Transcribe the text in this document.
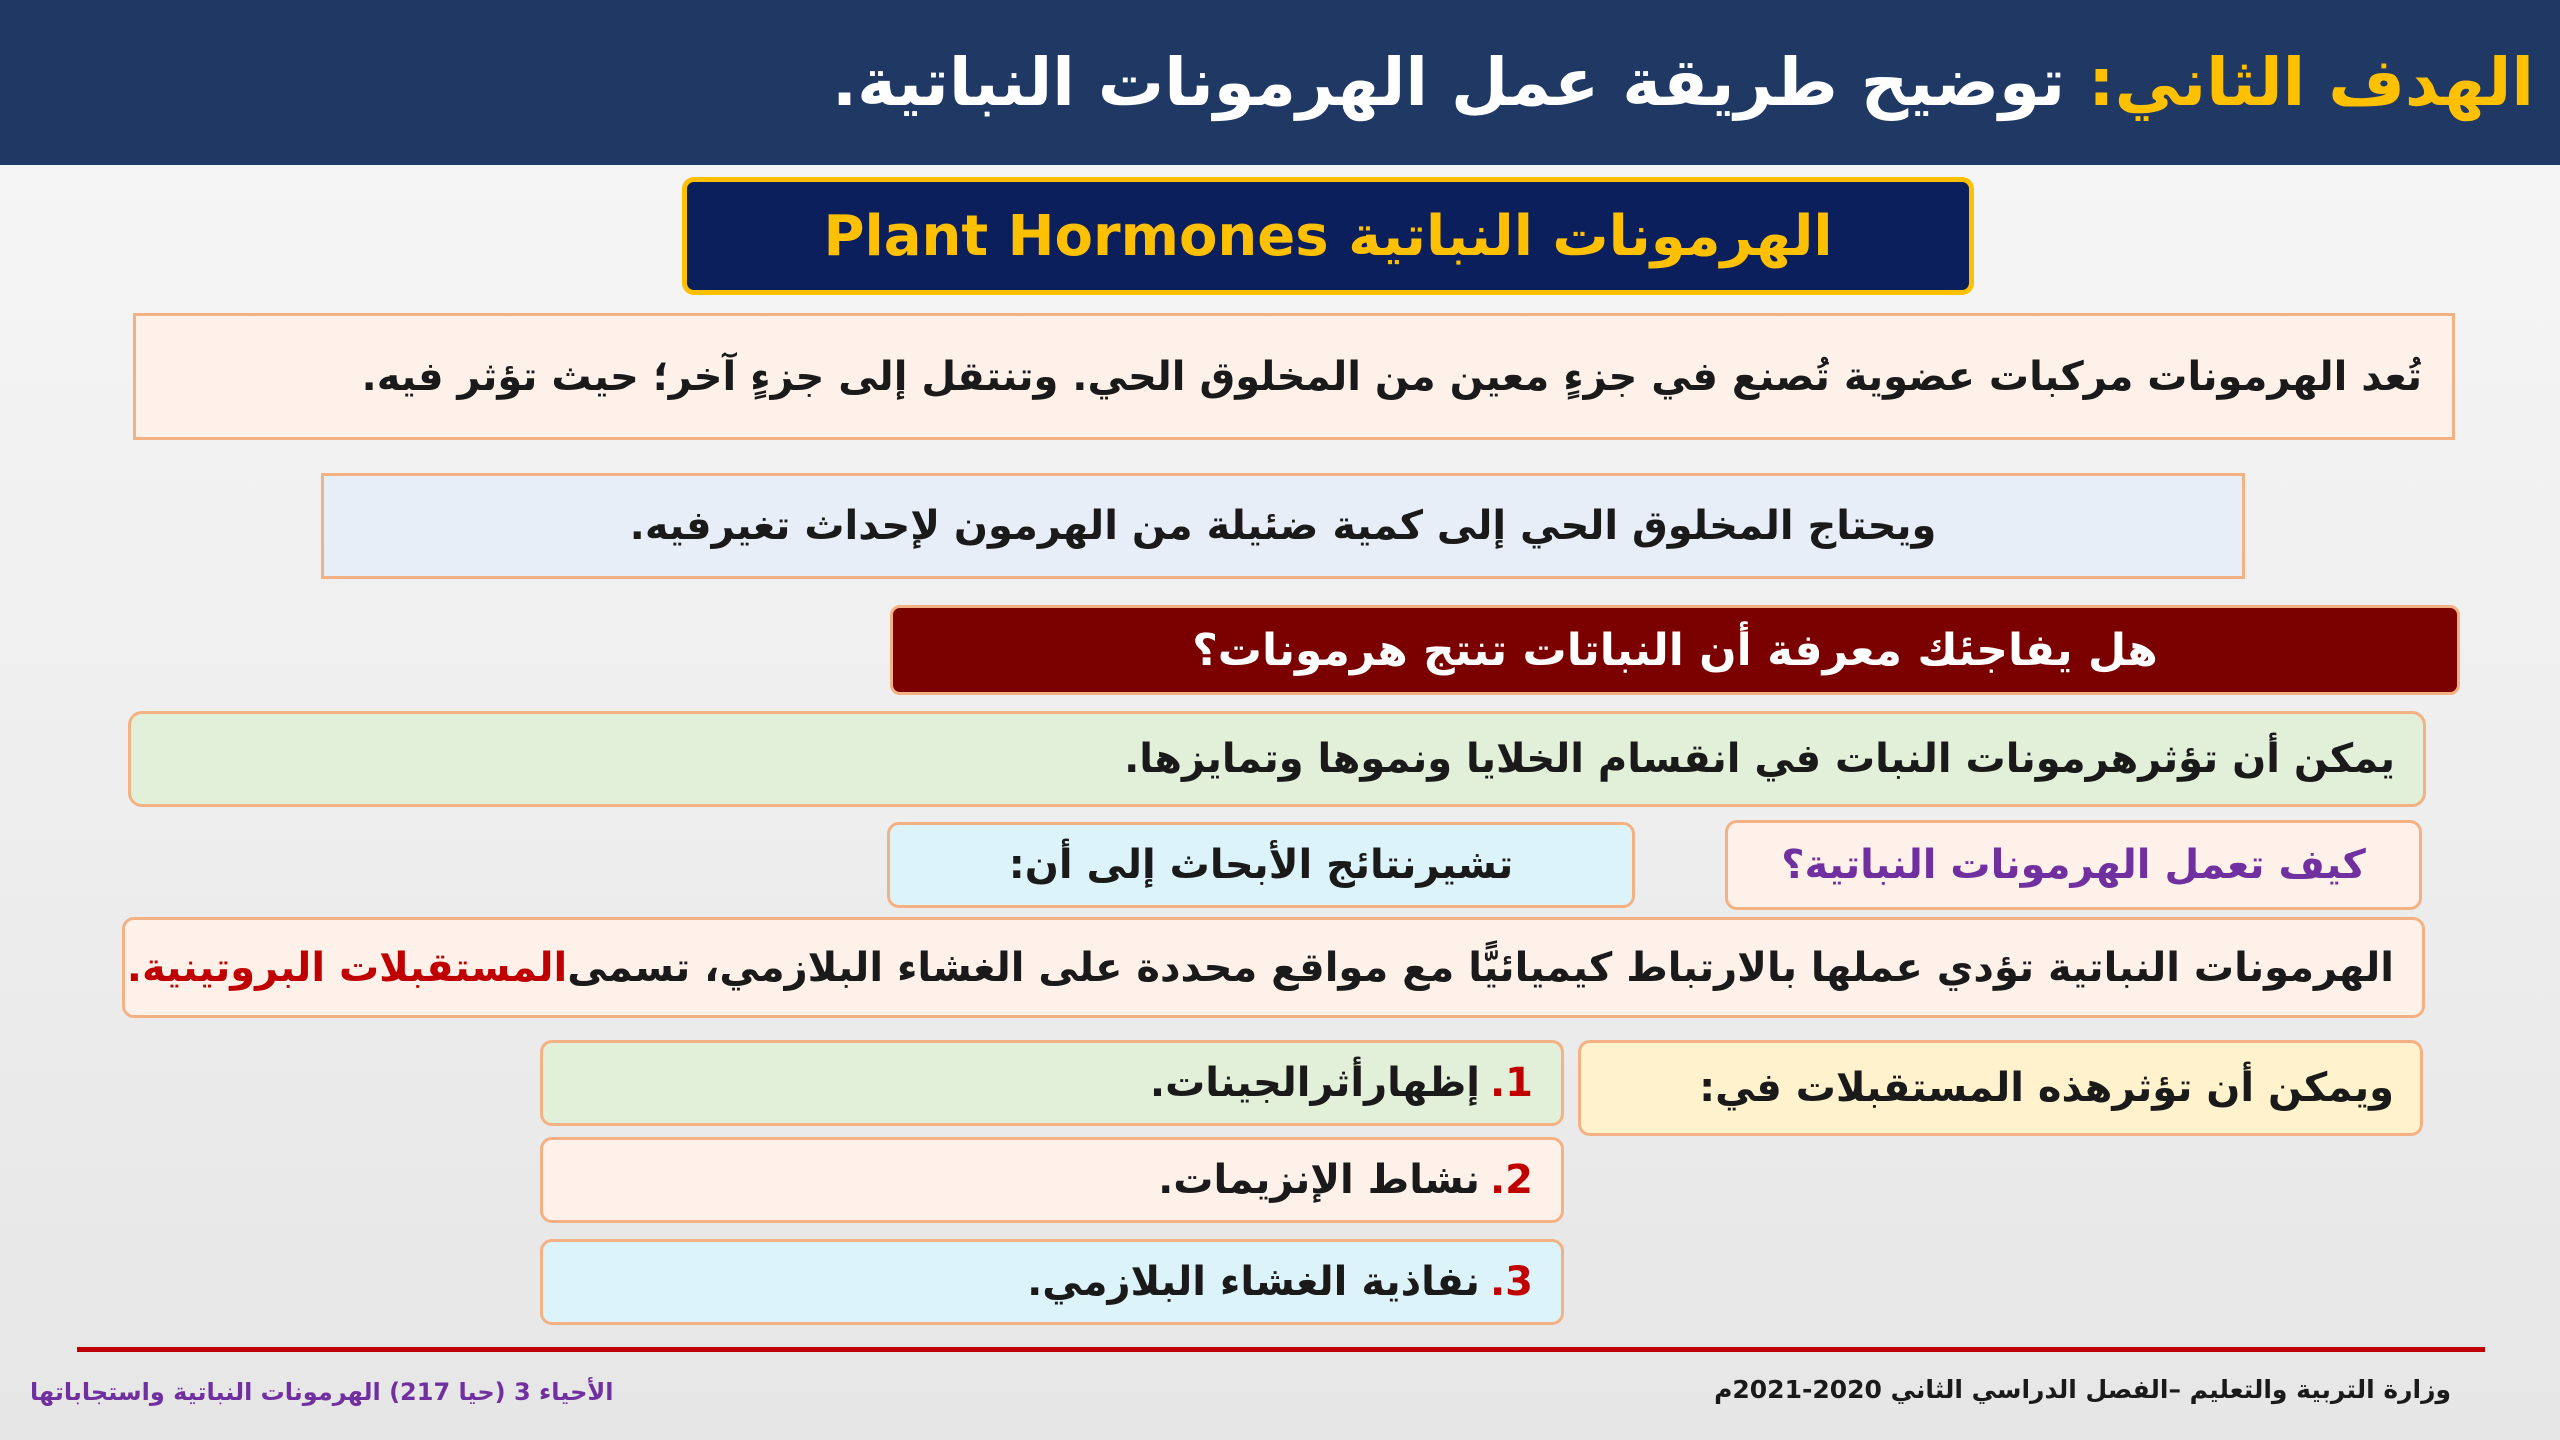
الهدف الثاني:

توضيح طريقة عمل الهرمونات النباتية.
الهرمونات النباتية Plant Hormones
تُعد الهرمونات مركبات عضوية تُصنع في جزءٍ معين من المخلوق الحي. وتنتقل إلى جزءٍ آخر؛ حيث تؤثر فيه.
ويحتاج المخلوق الحي إلى كمية ضئيلة من الهرمون لإحداث تغيرفيه.
هل يفاجئك معرفة أن النباتات تنتج هرمونات؟
يمكن أن تؤثرهرمونات النبات في انقسام الخلايا ونموها وتمايزها.
كيف تعمل الهرمونات النباتية؟
تشيرنتائج الأبحاث إلى أن:
الهرمونات النباتية تؤدي عملها بالارتباط كيميائيًّا مع مواقع محددة على الغشاء البلازمي، تسمى
المستقبلات البروتينية.
ويمكن أن تؤثرهذه المستقبلات في:
1.
إظهارأثرالجينات.
2.
نشاط الإنزيمات.
3.
نفاذية الغشاء البلازمي.
الأحياء 3 (حيا 217) الهرمونات النباتية واستجاباتها	وزارة التربية والتعليم –الفصل الدراسي الثاني 2020-2021م
